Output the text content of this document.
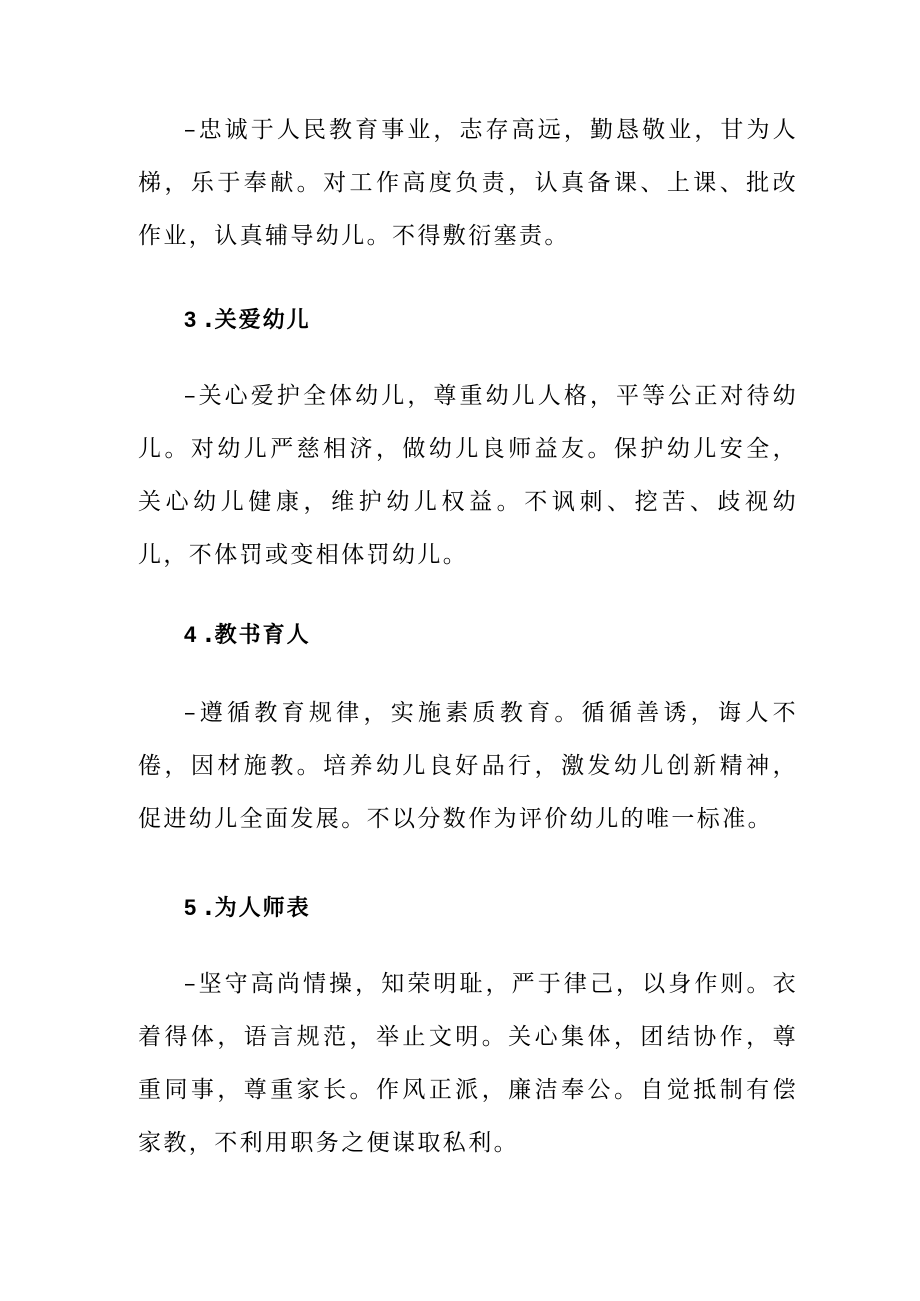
–忠诚于人民教育事业，志存高远，勤恳敬业，甘为人梯，乐于奉献。对工作高度负责，认真备课、上课、批改作业，认真辅导幼儿。不得敷衍塞责。

3 .关爱幼儿

–关心爱护全体幼儿，尊重幼儿人格，平等公正对待幼儿。对幼儿严慈相济，做幼儿良师益友。保护幼儿安全，关心幼儿健康，维护幼儿权益。不讽刺、挖苦、歧视幼儿，不体罚或变相体罚幼儿。

4 .教书育人

–遵循教育规律，实施素质教育。循循善诱，诲人不倦，因材施教。培养幼儿良好品行，激发幼儿创新精神，促进幼儿全面发展。不以分数作为评价幼儿的唯一标准。

5 .为人师表

–坚守高尚情操，知荣明耻，严于律己，以身作则。衣着得体，语言规范，举止文明。关心集体，团结协作，尊重同事，尊重家长。作风正派，廉洁奉公。自觉抵制有偿家教，不利用职务之便谋取私利。
